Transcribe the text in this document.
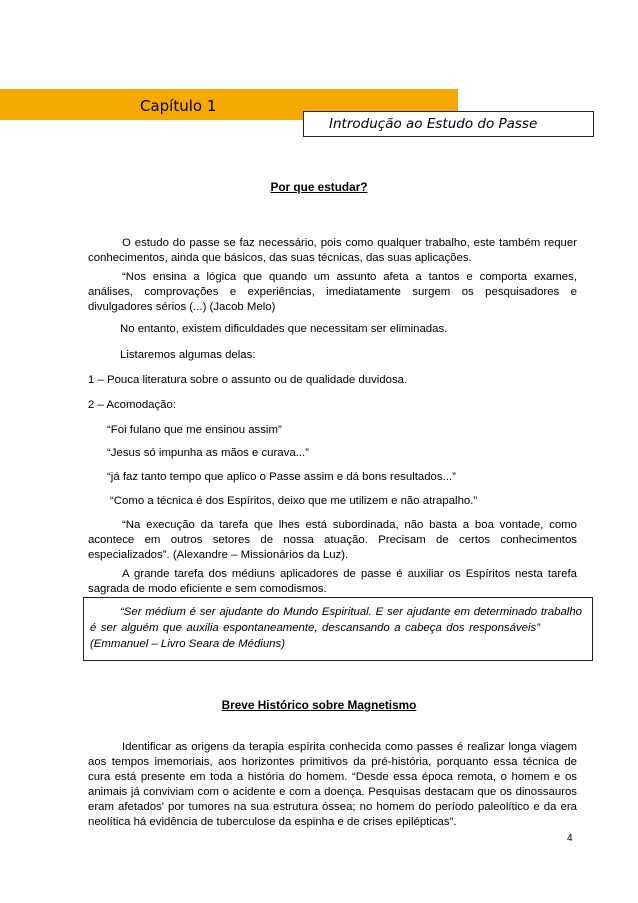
Capítulo 1
Introdução ao Estudo do Passe
Por que estudar?

O estudo do passe se faz necessário, pois como qualquer trabalho, este também requer conhecimentos, ainda que básicos, das suas técnicas, das suas aplicações.

“Nos ensina a lógica que quando um assunto afeta a tantos e comporta exames, análises, comprovações e experiências, imediatamente surgem os pesquisadores e divulgadores sérios (...) (Jacob Melo)

No entanto, existem dificuldades que necessitam ser eliminadas.
Listaremos algumas delas:
1 – Pouca literatura sobre o assunto ou de qualidade duvidosa.
2 – Acomodação:
“Foi fulano que me ensinou assim”
“Jesus só impunha as mãos e curava...”
“já faz tanto tempo que aplico o Passe assim e dá bons resultados...”
“Como a técnica é dos Espíritos, deixo que me utilizem e não atrapalho.”

“Na execução da tarefa que lhes está subordinada, não basta a boa vontade, como acontece em outros setores de nossa atuação. Precisam de certos conhecimentos especializados”. (Alexandre – Missionários da Luz).

A grande tarefa dos médiuns aplicadores de passe é auxiliar os Espíritos nesta tarefa sagrada de modo eficiente e sem comodismos.

“Ser médium é ser ajudante do Mundo Espiritual. E ser ajudante em determinado trabalho é ser alguém que auxilia espontaneamente, descansando a cabeça dos responsáveis”(Emmanuel – Livro Seara de Médiuns)

Breve Histórico sobre Magnetismo

Identificar as origens da terapia espírita conhecida como passes é realizar longa viagem aos tempos imemoriais, aos horizontes primitivos da pré-história, porquanto essa técnica de cura está presente em toda a história do homem. “Desde essa época remota, o homem e os animais já conviviam com o acidente e com a doença. Pesquisas destacam que os dinossauros eram afetados' por tumores na sua estrutura óssea; no homem do período paleolítico e da era neolítica há evidência de tuberculose da espinha e de crises epilépticas”.

4
